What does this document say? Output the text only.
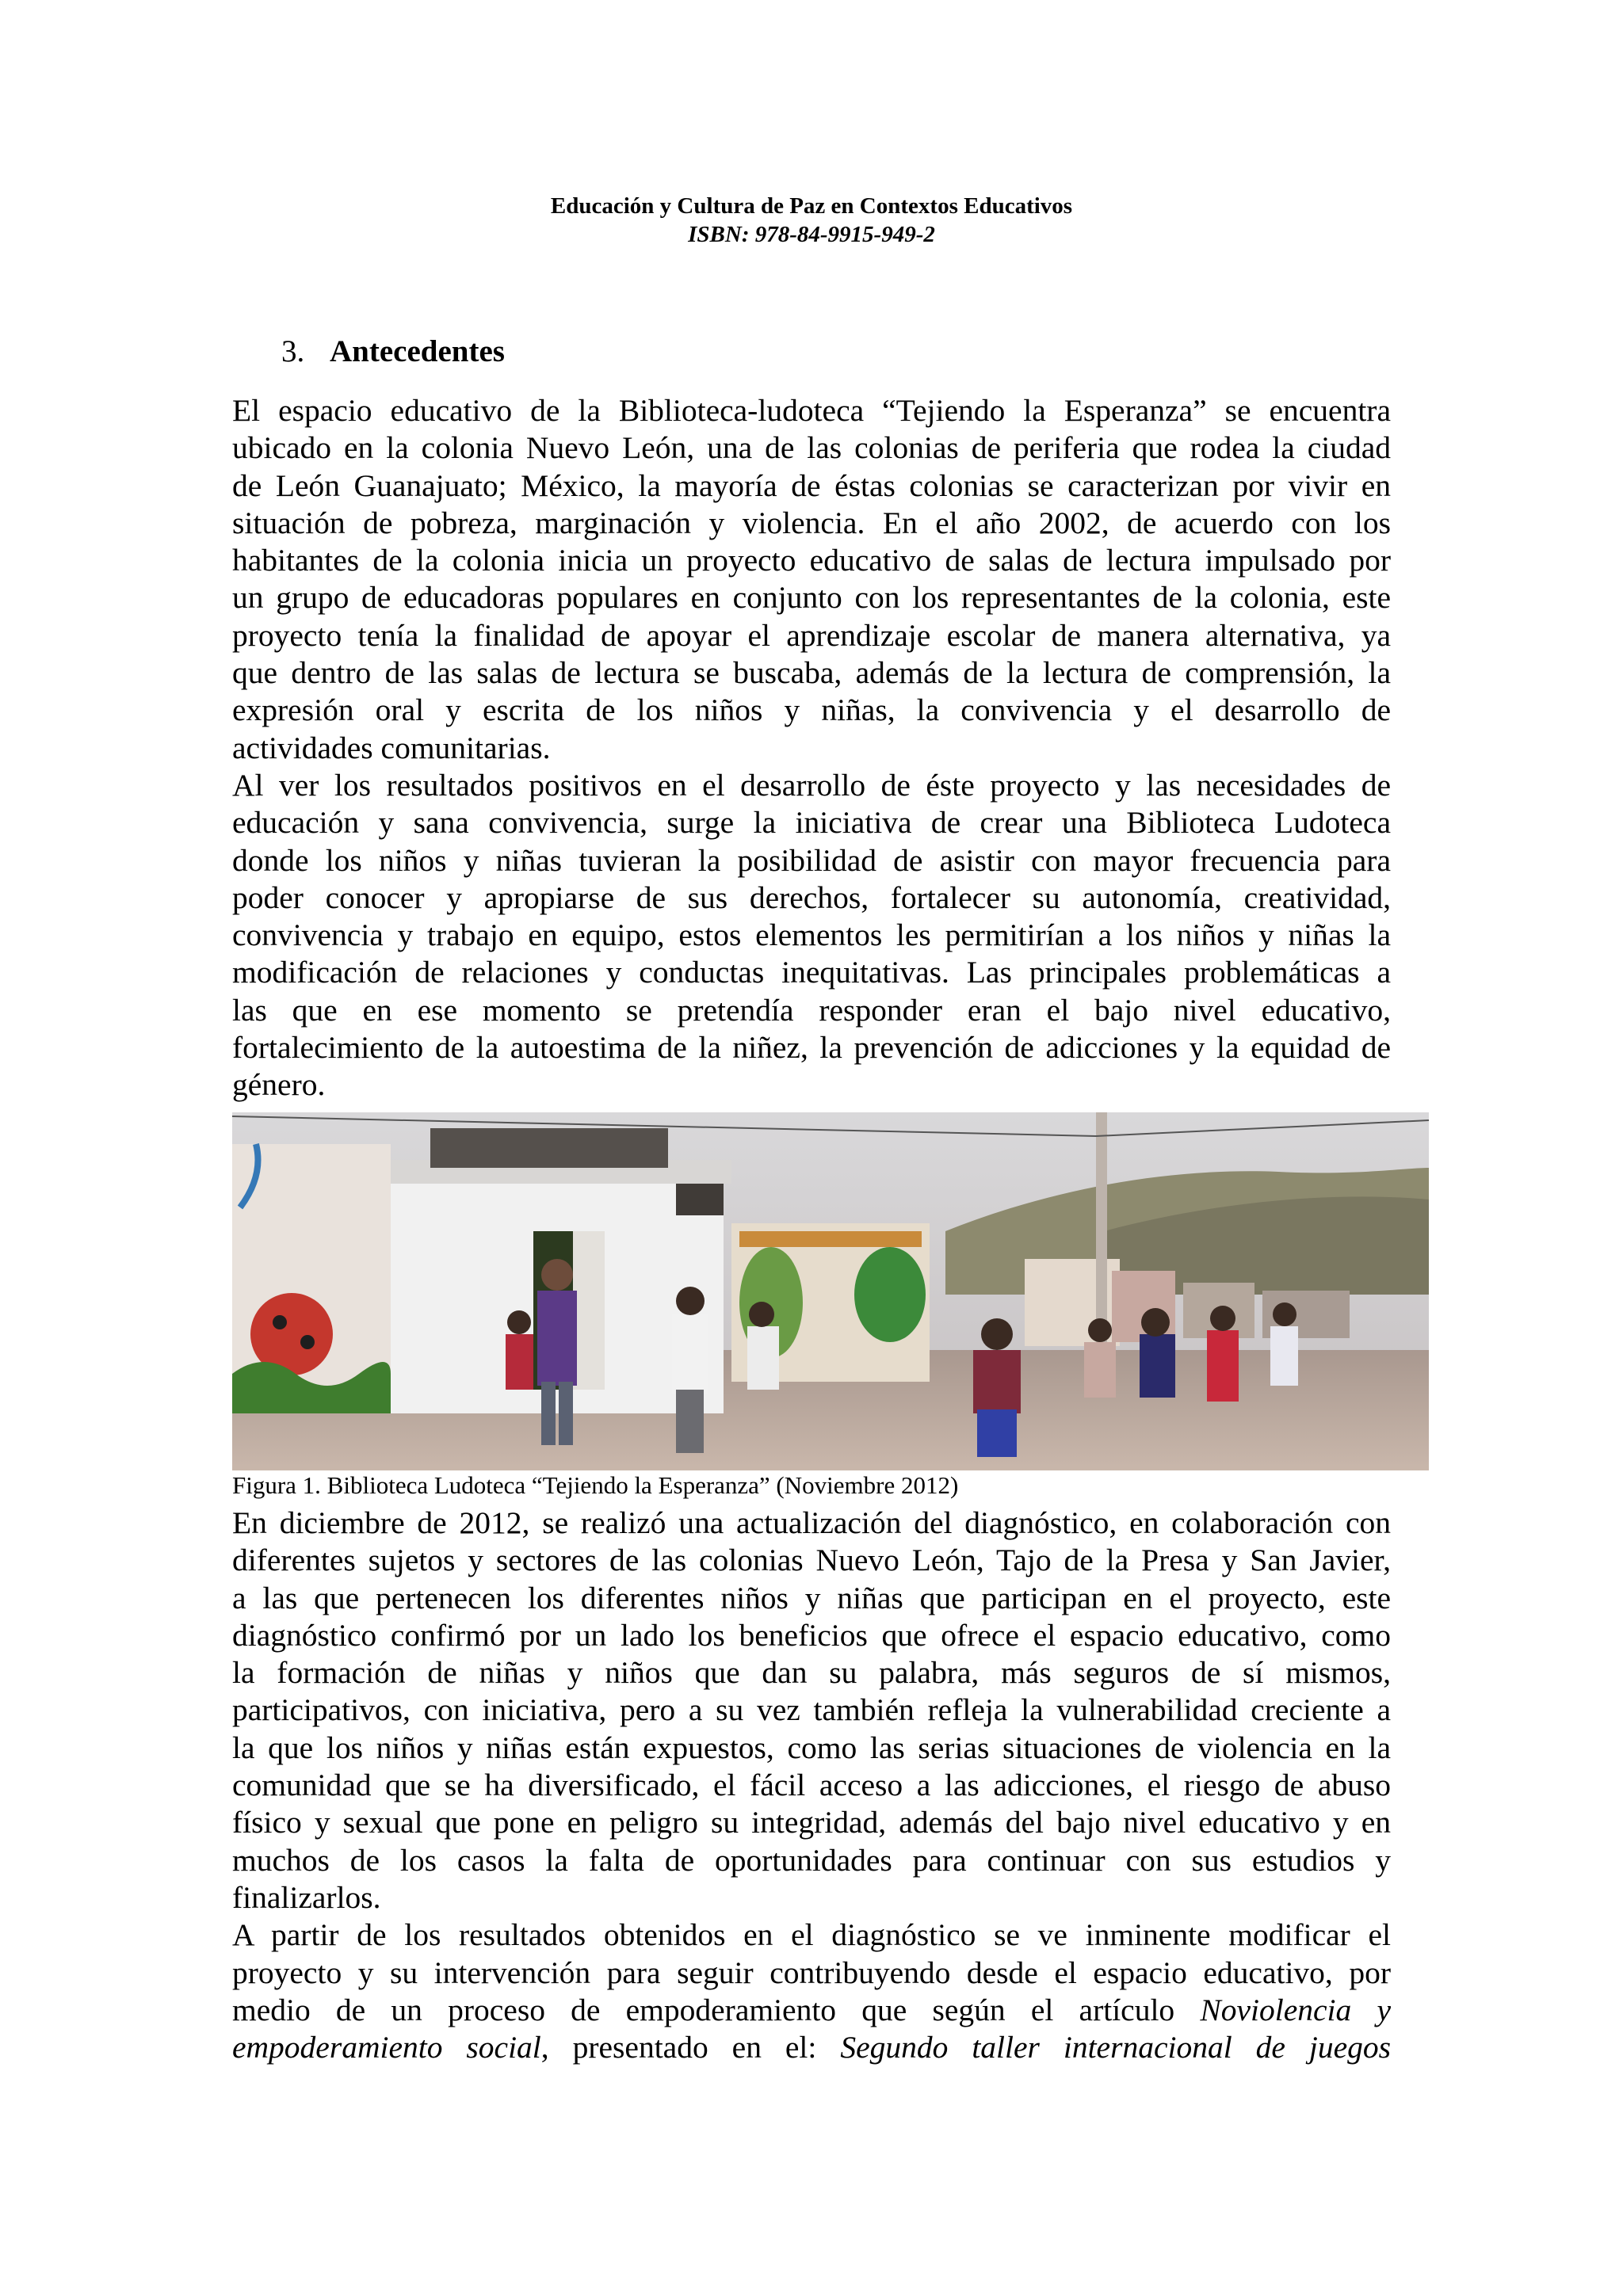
Educación y Cultura de Paz en Contextos Educativos
ISBN: 978-84-9915-949-2
3. Antecedentes
El espacio educativo de la Biblioteca-ludoteca “Tejiendo la Esperanza” se encuentra
ubicado en la colonia Nuevo León, una de las colonias de periferia que rodea la ciudad
de León Guanajuato; México, la mayoría de éstas colonias se caracterizan por vivir en
situación de pobreza, marginación y violencia. En el año 2002, de acuerdo con los
habitantes de la colonia inicia un proyecto educativo de salas de lectura impulsado por
un grupo de educadoras populares en conjunto con los representantes de la colonia, este
proyecto tenía la finalidad de apoyar el aprendizaje escolar de manera alternativa, ya
que dentro de las salas de lectura se buscaba, además de la lectura de comprensión, la
expresión oral y escrita de los niños y niñas, la convivencia y el desarrollo de
actividades comunitarias.
Al ver los resultados positivos en el desarrollo de éste proyecto y las necesidades de
educación y sana convivencia, surge la iniciativa de crear una Biblioteca Ludoteca
donde los niños y niñas tuvieran la posibilidad de asistir con mayor frecuencia para
poder conocer y apropiarse de sus derechos, fortalecer su autonomía, creatividad,
convivencia y trabajo en equipo, estos elementos les permitirían a los niños y niñas la
modificación de relaciones y conductas inequitativas. Las principales problemáticas a
las que en ese momento se pretendía responder eran el bajo nivel educativo,
fortalecimiento de la autoestima de la niñez, la prevención de adicciones y la equidad de
género.
Figura 1. Biblioteca Ludoteca “Tejiendo la Esperanza” (Noviembre 2012)
En diciembre de 2012, se realizó una actualización del diagnóstico, en colaboración con
diferentes sujetos y sectores de las colonias Nuevo León, Tajo de la Presa y San Javier,
a las que pertenecen los diferentes niños y niñas que participan en el proyecto, este
diagnóstico confirmó por un lado los beneficios que ofrece el espacio educativo, como
la formación de niñas y niños que dan su palabra, más seguros de sí mismos,
participativos, con iniciativa, pero a su vez también refleja la vulnerabilidad creciente a
la que los niños y niñas están expuestos, como las serias situaciones de violencia en la
comunidad que se ha diversificado, el fácil acceso a las adicciones, el riesgo de abuso
físico y sexual que pone en peligro su integridad, además del bajo nivel educativo y en
muchos de los casos la falta de oportunidades para continuar con sus estudios y
finalizarlos.
A partir de los resultados obtenidos en el diagnóstico se ve inminente modificar el
proyecto y su intervención para seguir contribuyendo desde el espacio educativo, por
medio de un proceso de empoderamiento que según el artículo Noviolencia y
empoderamiento social, presentado en el: Segundo taller internacional de juegos
